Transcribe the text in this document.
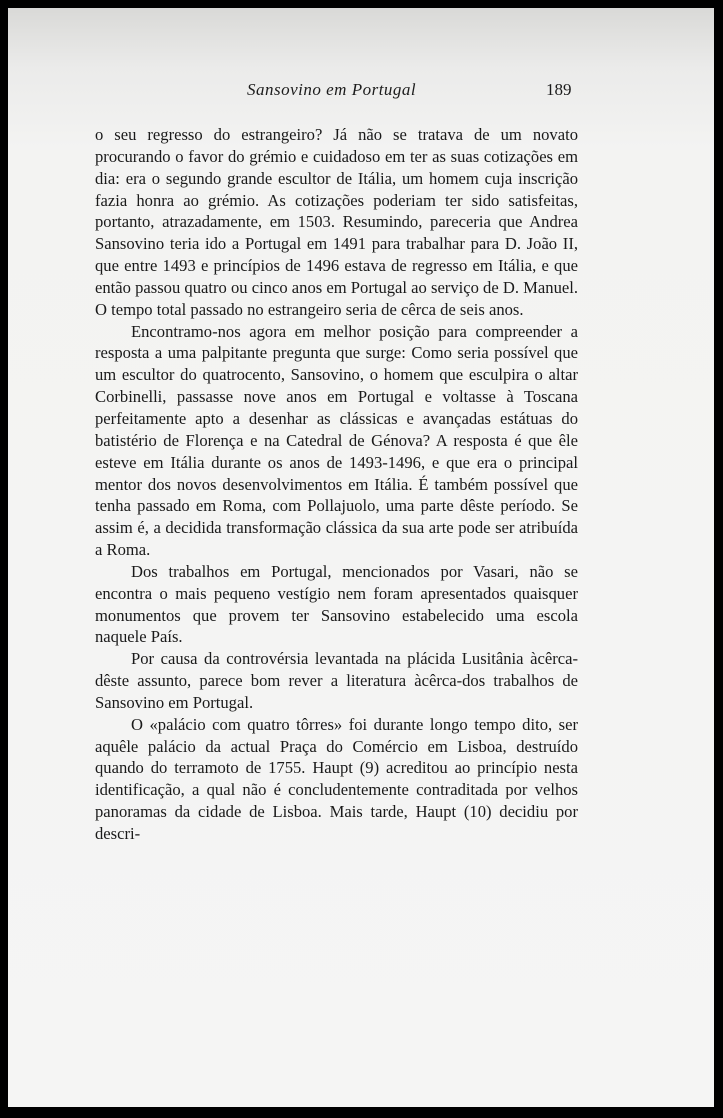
Sansovino em Portugal	189

o seu regresso do estrangeiro? Já não se tratava de um novato procurando o favor do grémio e cuidadoso em ter as suas cotizações em dia: era o segundo grande escultor de Itália, um homem cuja inscrição fazia honra ao grémio. As cotizações poderiam ter sido satisfeitas, portanto, atrazadamente, em 1503. Resumindo, pareceria que Andrea Sansovino teria ido a Portugal em 1491 para trabalhar para D. João II, que entre 1493 e princípios de 1496 estava de regresso em Itália, e que então passou quatro ou cinco anos em Portugal ao serviço de D. Manuel. O tempo total passado no estrangeiro seria de cêrca de seis anos.

Encontramo-nos agora em melhor posição para compreender a resposta a uma palpitante pregunta que surge: Como seria possível que um escultor do quatrocento, Sansovino, o homem que esculpira o altar Corbinelli, passasse nove anos em Portugal e voltasse à Toscana perfeitamente apto a desenhar as clássicas e avançadas estátuas do batistério de Florença e na Catedral de Génova? A resposta é que êle esteve em Itália durante os anos de 1493-1496, e que era o principal mentor dos novos desenvolvimentos em Itália. É também possível que tenha passado em Roma, com Pollajuolo, uma parte dêste período. Se assim é, a decidida transformação clássica da sua arte pode ser atribuída a Roma.

Dos trabalhos em Portugal, mencionados por Vasari, não se encontra o mais pequeno vestígio nem foram apresentados quaisquer monumentos que provem ter Sansovino estabelecido uma escola naquele País.

Por causa da controvérsia levantada na plácida Lusitânia àcêrca-dêste assunto, parece bom rever a literatura àcêrca-dos trabalhos de Sansovino em Portugal.

O «palácio com quatro tôrres» foi durante longo tempo dito, ser aquêle palácio da actual Praça do Comércio em Lisboa, destruído quando do terramoto de 1755. Haupt (9) acreditou ao princípio nesta identificação, a qual não é concludentemente contraditada por velhos panoramas da cidade de Lisboa. Mais tarde, Haupt (10) decidiu por descri-
